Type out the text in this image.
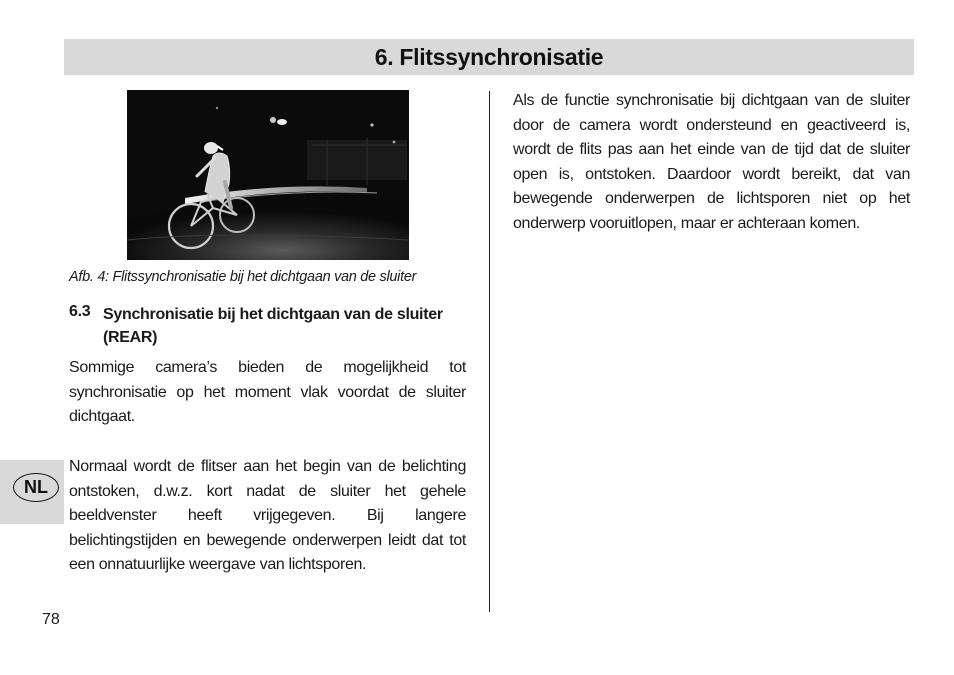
6. Flitssynchronisatie
Afb. 4: Flitssynchronisatie bij het dichtgaan van de sluiter
6.3 Synchronisatie bij het dichtgaan van de sluiter (REAR)
Sommige camera’s bieden de mogelijkheid tot synchronisatie op het moment vlak voordat de sluiter dichtgaat.
Normaal wordt de flitser aan het begin van de belichting ontstoken, d.w.z. kort nadat de sluiter het gehele beeldvenster heeft vrijgegeven. Bij langere belichtingstijden en bewegende onderwerpen leidt dat tot een onnatuurlijke weergave van lichtsporen.
Als de functie synchronisatie bij dichtgaan van de sluiter door de camera wordt ondersteund en geactiveerd is, wordt de flits pas aan het einde van de tijd dat de sluiter open is, ontstoken. Daardoor wordt bereikt, dat van bewegende onderwerpen de lichtsporen niet op het onderwerp vooruitlopen, maar er achteraan komen.
NL
78
